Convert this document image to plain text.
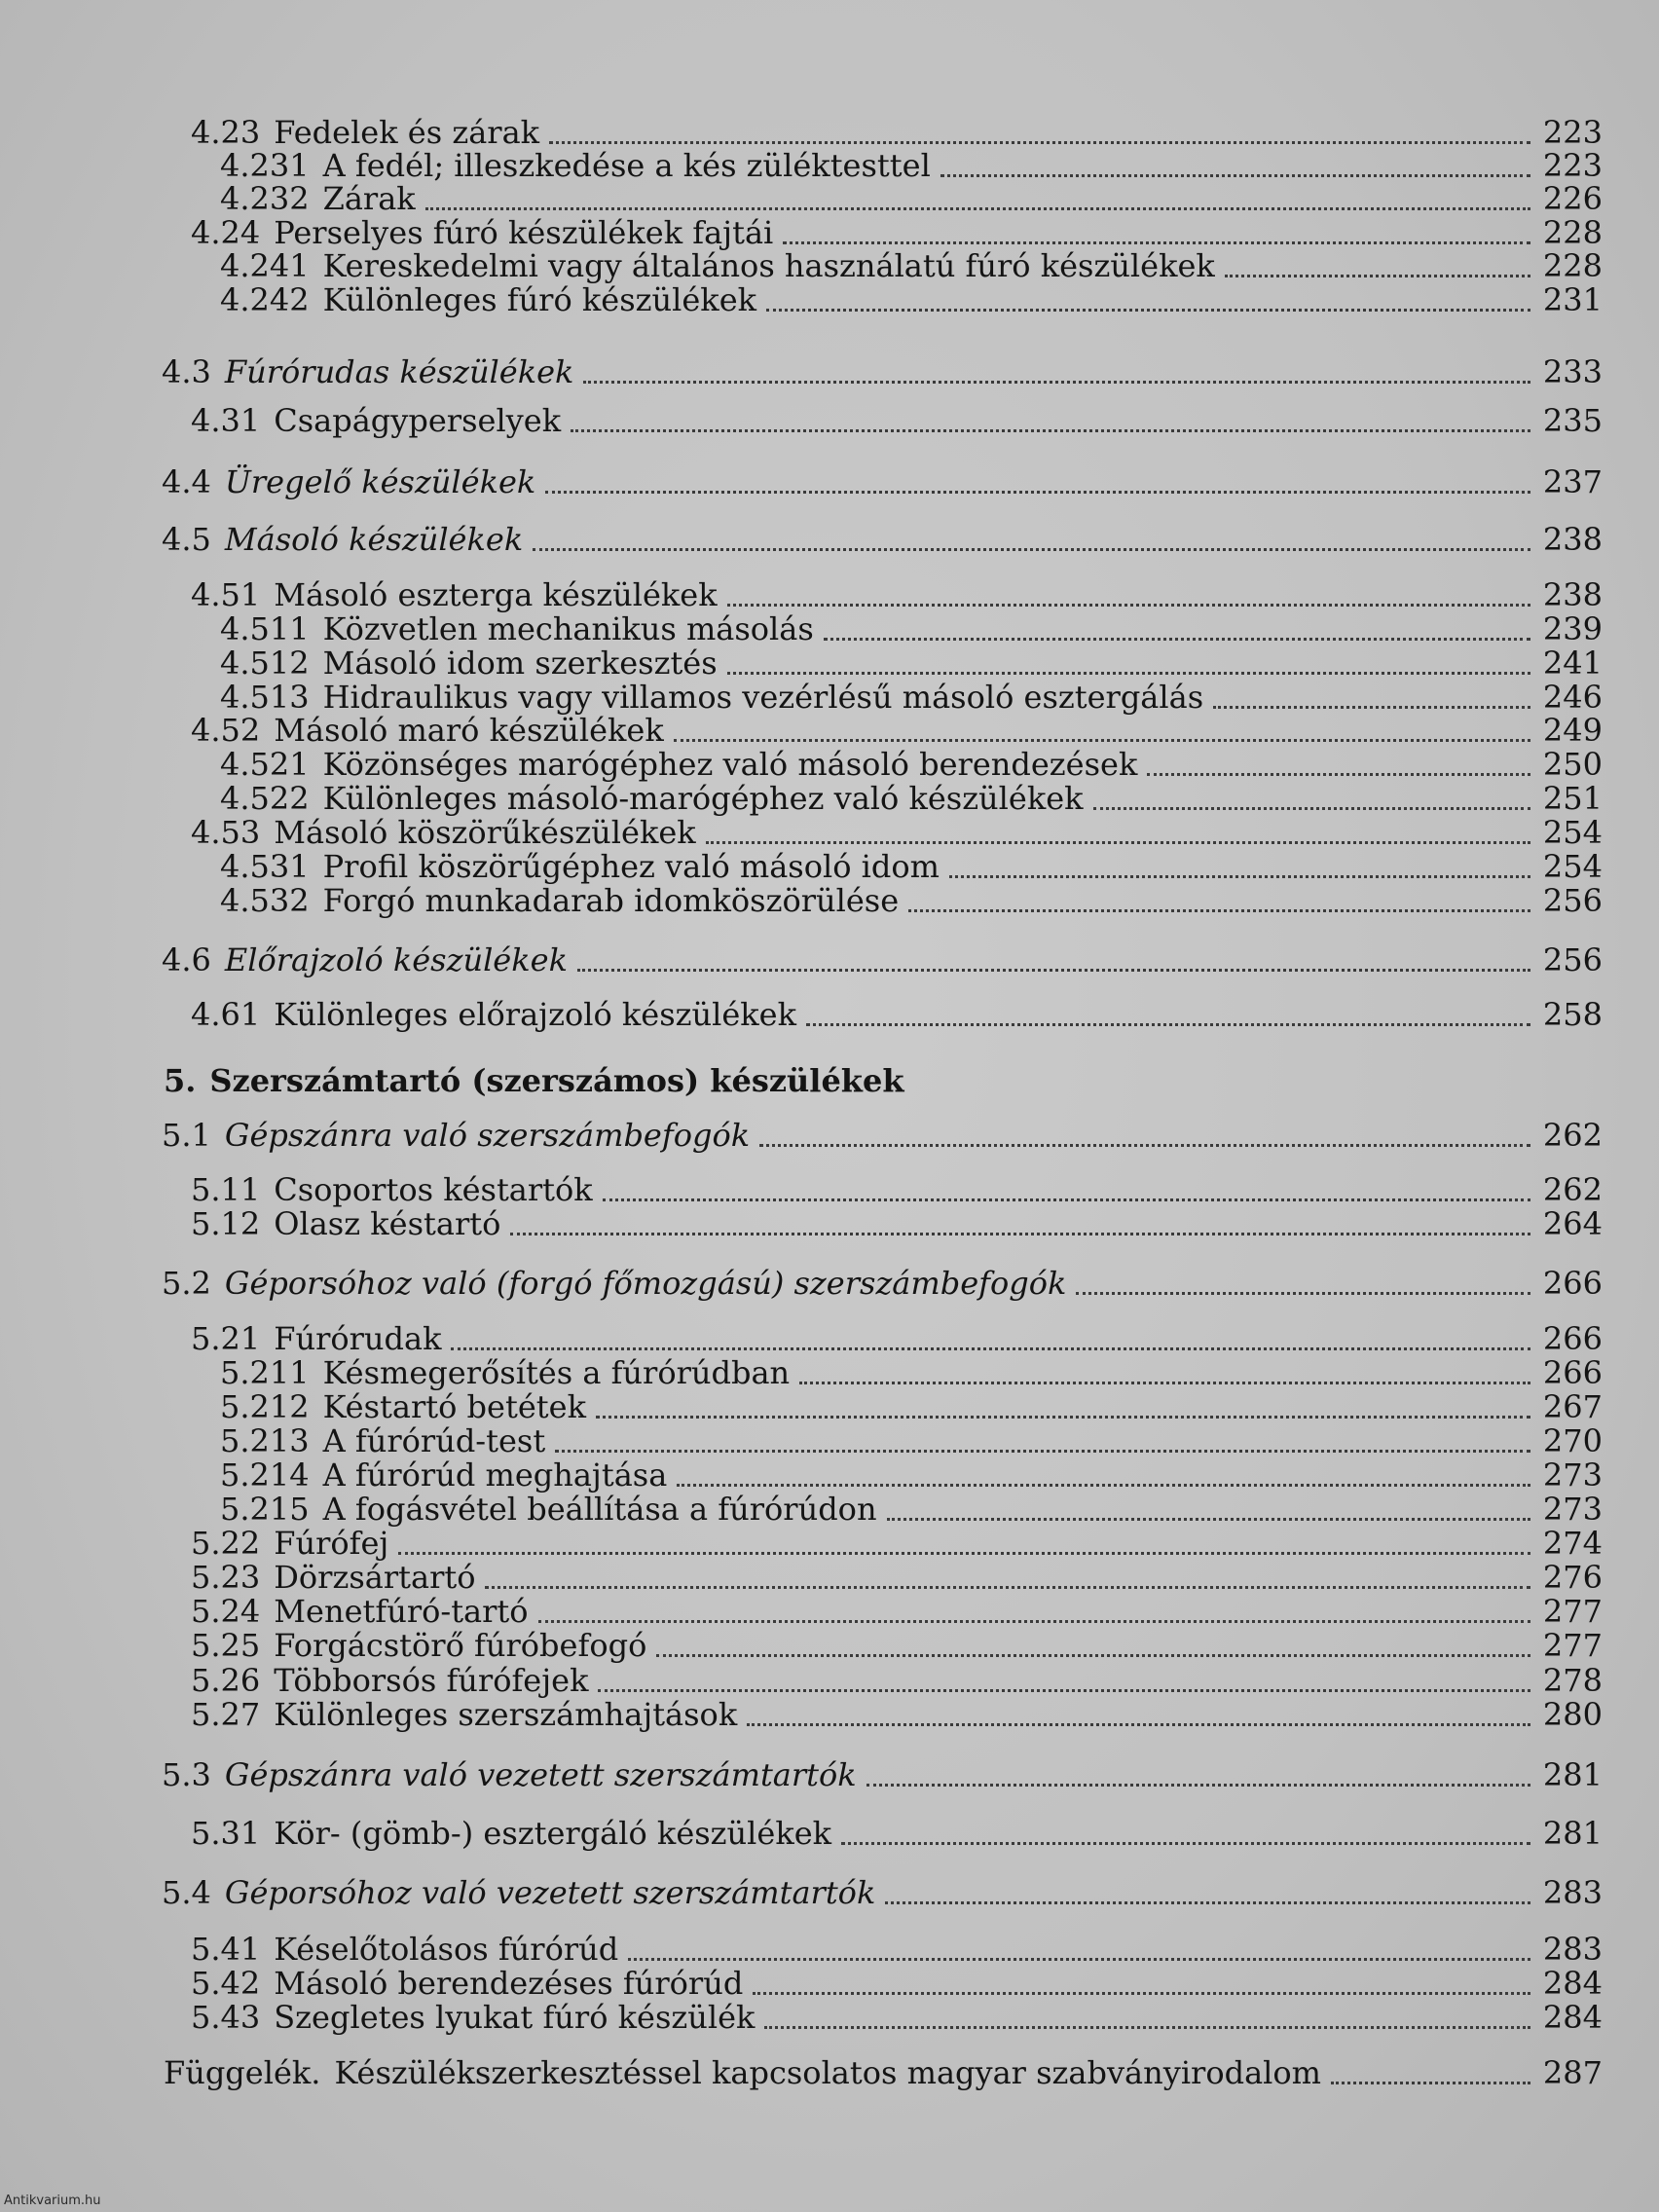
4.23 Fedelek és zárak	223
4.231 A fedél; illeszkedése a kés züléktesttel	223
4.232 Zárak	226
4.24 Perselyes fúró készülékek fajtái	228
4.241 Kereskedelmi vagy általános használatú fúró készülékek	228
4.242 Különleges fúró készülékek	231
4.3 Fúrórudas készülékek	233
4.31 Csapágyperselyek	235
4.4 Üregelő készülékek	237
4.5 Másoló készülékek	238
4.51 Másoló eszterga készülékek	238
4.511 Közvetlen mechanikus másolás	239
4.512 Másoló idom szerkesztés	241
4.513 Hidraulikus vagy villamos vezérlésű másoló esztergálás	246
4.52 Másoló maró készülékek	249
4.521 Közönséges marógéphez való másoló berendezések	250
4.522 Különleges másoló-marógéphez való készülékek	251
4.53 Másoló köszörűkészülékek	254
4.531 Profil köszörűgéphez való másoló idom	254
4.532 Forgó munkadarab idomköszörülése	256
4.6 Előrajzoló készülékek	256
4.61 Különleges előrajzoló készülékek	258
5. Szerszámtartó (szerszámos) készülékek
5.1 Gépszánra való szerszámbefogók	262
5.11 Csoportos késtartók	262
5.12 Olasz késtartó	264
5.2 Géporsóhoz való (forgó főmozgású) szerszámbefogók	266
5.21 Fúrórudak	266
5.211 Késmegerősítés a fúrórúdban	266
5.212 Késtartó betétek	267
5.213 A fúrórúd-test	270
5.214 A fúrórúd meghajtása	273
5.215 A fogásvétel beállítása a fúrórúdon	273
5.22 Fúrófej	274
5.23 Dörzsártartó	276
5.24 Menetfúró-tartó	277
5.25 Forgácstörő fúróbefogó	277
5.26 Többorsós fúrófejek	278
5.27 Különleges szerszámhajtások	280
5.3 Gépszánra való vezetett szerszámtartók	281
5.31 Kör- (gömb-) esztergáló készülékek	281
5.4 Géporsóhoz való vezetett szerszámtartók	283
5.41 Késelőtolásos fúrórúd	283
5.42 Másoló berendezéses fúrórúd	284
5.43 Szegletes lyukat fúró készülék	284
Függelék. Készülékszerkesztéssel kapcsolatos magyar szabványirodalom	287
Antikvarium.hu
